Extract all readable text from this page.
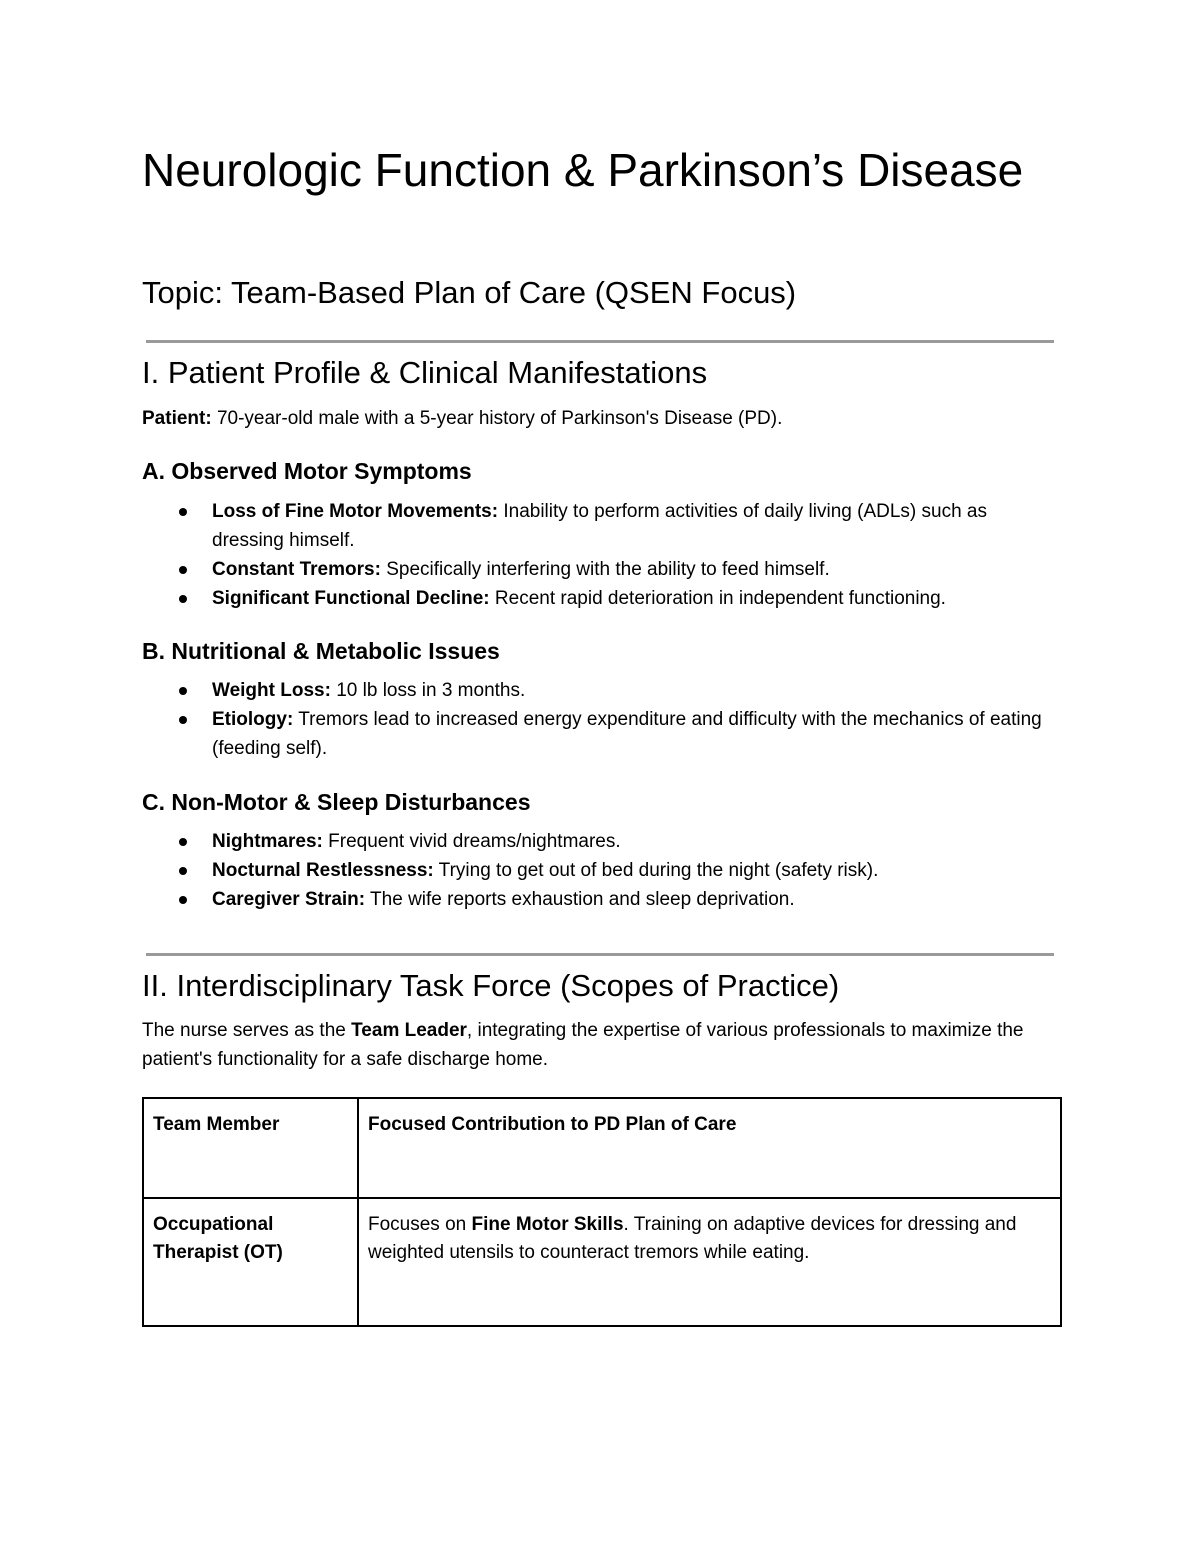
Neurologic Function & Parkinson’s Disease
Topic: Team-Based Plan of Care (QSEN Focus)
I. Patient Profile & Clinical Manifestations

Patient: 70-year-old male with a 5-year history of Parkinson's Disease (PD).

A. Observed Motor Symptoms
Loss of Fine Motor Movements: Inability to perform activities of daily living (ADLs) such as dressing himself.
Constant Tremors: Specifically interfering with the ability to feed himself.
Significant Functional Decline: Recent rapid deterioration in independent functioning.
B. Nutritional & Metabolic Issues
Weight Loss: 10 lb loss in 3 months.
Etiology: Tremors lead to increased energy expenditure and difficulty with the mechanics of eating (feeding self).
C. Non-Motor & Sleep Disturbances
Nightmares: Frequent vivid dreams/nightmares.
Nocturnal Restlessness: Trying to get out of bed during the night (safety risk).
Caregiver Strain: The wife reports exhaustion and sleep deprivation.
II. Interdisciplinary Task Force (Scopes of Practice)

The nurse serves as the Team Leader, integrating the expertise of various professionals to maximize the patient's functionality for a safe discharge home.

Team Member	Focused Contribution to PD Plan of Care
Occupational Therapist (OT)	Focuses on Fine Motor Skills. Training on adaptive devices for dressing and weighted utensils to counteract tremors while eating.
